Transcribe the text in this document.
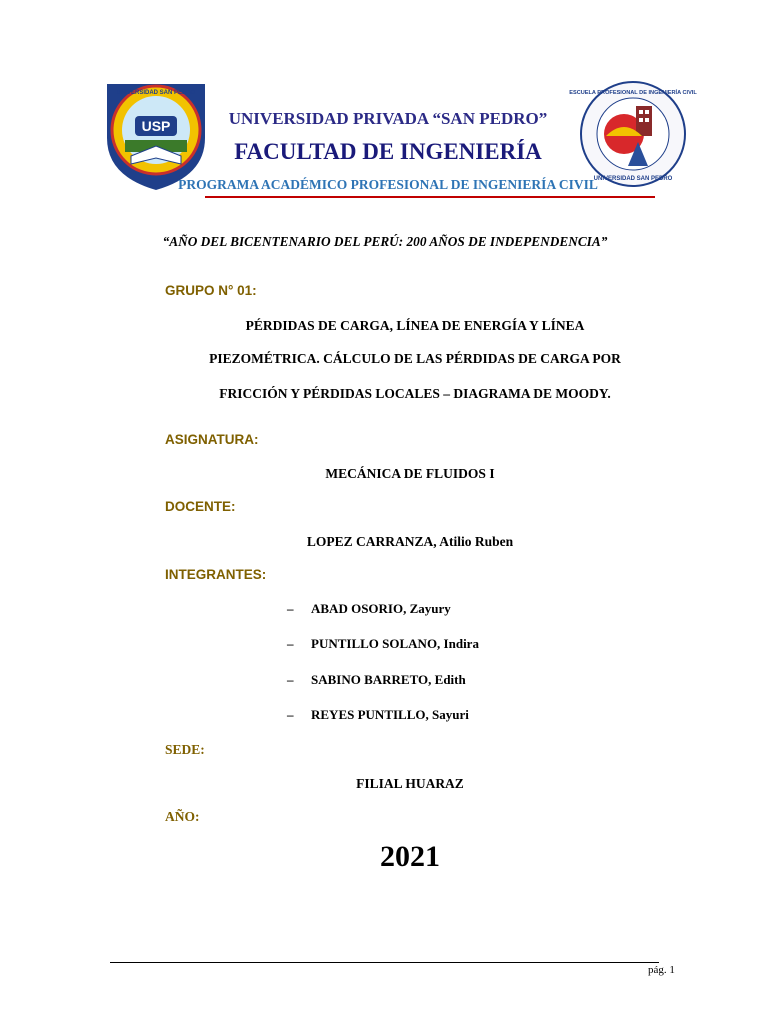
USP
UNIVERSIDAD SAN PEDRO
UNIVERSIDAD PRIVADA “SAN PEDRO”
FACULTAD DE INGENIERÍA
ESCUELA PROFESIONAL DE INGENIERÍA CIVIL
UNIVERSIDAD SAN PEDRO
PROGRAMA ACADÉMICO PROFESIONAL DE INGENIERÍA CIVIL
“AÑO DEL BICENTENARIO DEL PERÚ: 200 AÑOS DE INDEPENDENCIA”
GRUPO N° 01:
PÉRDIDAS DE CARGA, LÍNEA DE ENERGÍA Y LÍNEA
PIEZOMÉTRICA. CÁLCULO DE LAS PÉRDIDAS DE CARGA POR
FRICCIÓN Y PÉRDIDAS LOCALES – DIAGRAMA DE MOODY.
ASIGNATURA:
MECÁNICA DE FLUIDOS I
DOCENTE:
LOPEZ CARRANZA, Atilio Ruben
INTEGRANTES:
– ABAD OSORIO, Zayury
– PUNTILLO SOLANO, Indira
– SABINO BARRETO, Edith
– REYES PUNTILLO, Sayuri
SEDE:
FILIAL HUARAZ
AÑO:
2021
pág. 1
